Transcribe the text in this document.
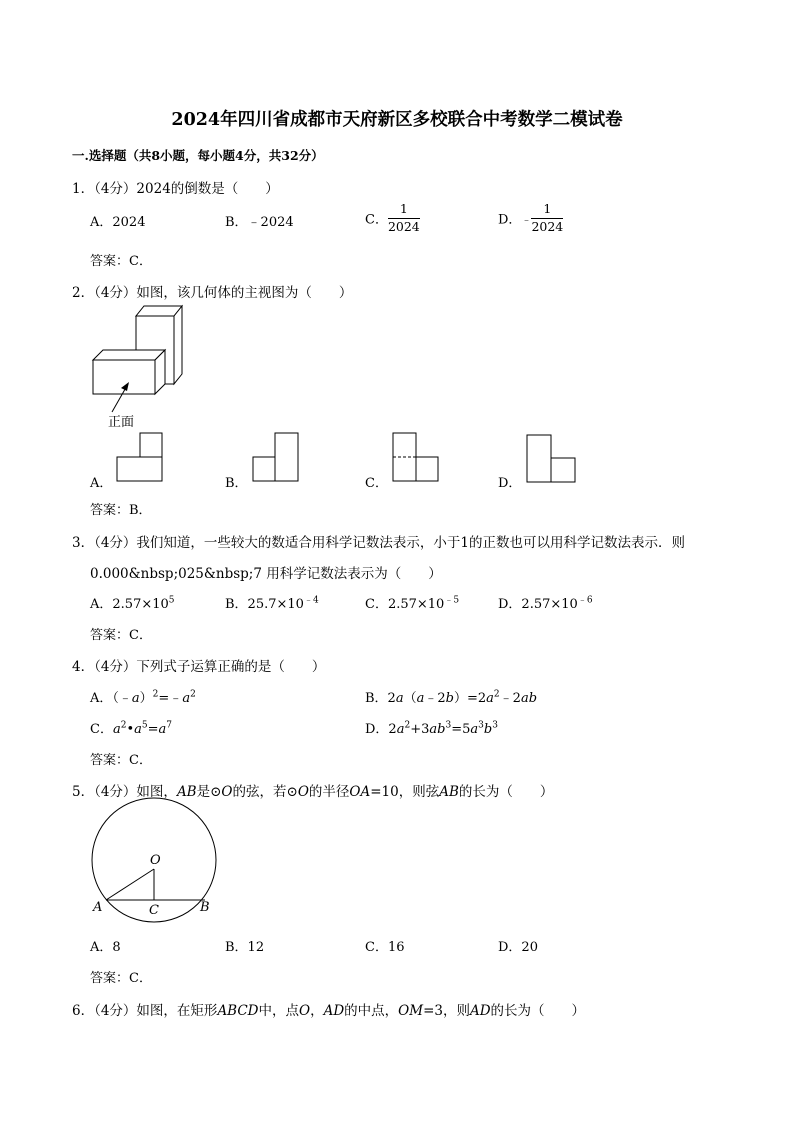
2024年四川省成都市天府新区多校联合中考数学二模试卷
一.选择题（共8小题，每小题4分，共32分）
1．（4分）2024的倒数是（　　）
A．2024	B．﹣2024	C． $\frac{1}{2024}$	D．﹣ $\frac{1}{2024}$
答案：C．
2．（4分）如图，该几何体的主视图为（　　）
正面
A．	B．	C．	D．
答案：B．
3．（4分）我们知道，一些较大的数适合用科学记数法表示，小于1的正数也可以用科学记数法表示．则
0.000&nbsp;025&nbsp;7 用科学记数法表示为（　　）
A．$2.57\times 10^5$	B．$25.7\times 10^{﹣4}$	C．$2.57\times 10^{﹣5}$	D．$2.57\times 10^{﹣6}$
答案：C．
4．（4分）下列式子运算正确的是（　　）
A．$(﹣a)^2=﹣a^2$	B．$2a(a﹣2b)=2a^2﹣2ab$
C．$a^2•a^5=a^7$	D．$2a^2+3ab^3=5a^3b^3$
答案：C．
5．（4分）如图，AB是⊙O的弦，若⊙O的半径OA=10，则弦AB的长为（　　）
O
A	B
C
A．8	B．12	C．16	D．20
答案：C．
6．（4分）如图，在矩形ABCD中，点O，AD的中点，OM=3，则AD的长为（　　）
